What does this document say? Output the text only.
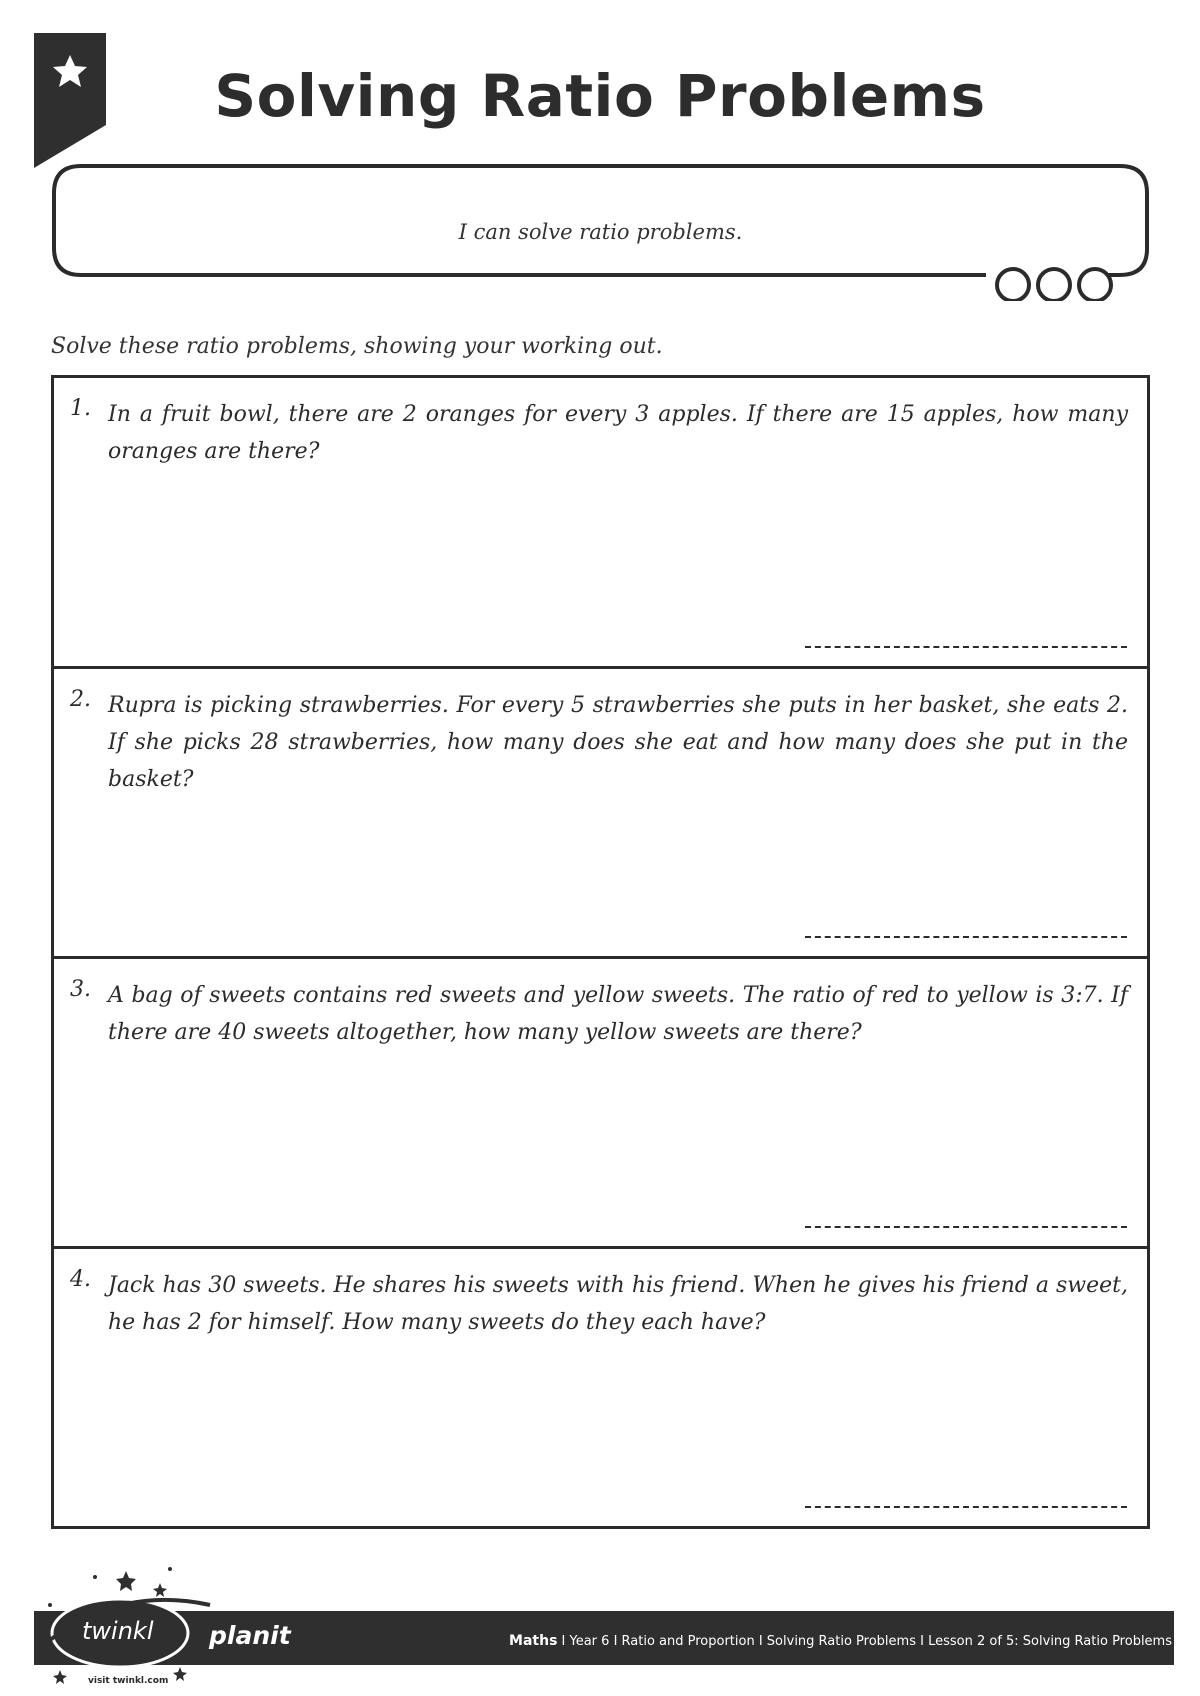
Solving Ratio Problems
I can solve ratio problems.
Solve these ratio problems, showing your working out.
1. In a fruit bowl, there are 2 oranges for every 3 apples. If there are 15 apples, how many oranges are there?
2. Rupra is picking strawberries. For every 5 strawberries she puts in her basket, she eats 2. If she picks 28 strawberries, how many does she eat and how many does she put in the basket?
3. A bag of sweets contains red sweets and yellow sweets. The ratio of red to yellow is 3:7. If there are 40 sweets altogether, how many yellow sweets are there?
4. Jack has 30 sweets. He shares his sweets with his friend. When he gives his friend a sweet, he has 2 for himself. How many sweets do they each have?
twinkl
visit twinkl.com
planit	Maths I Year 6 I Ratio and Proportion I Solving Ratio Problems I Lesson 2 of 5: Solving Ratio Problems
